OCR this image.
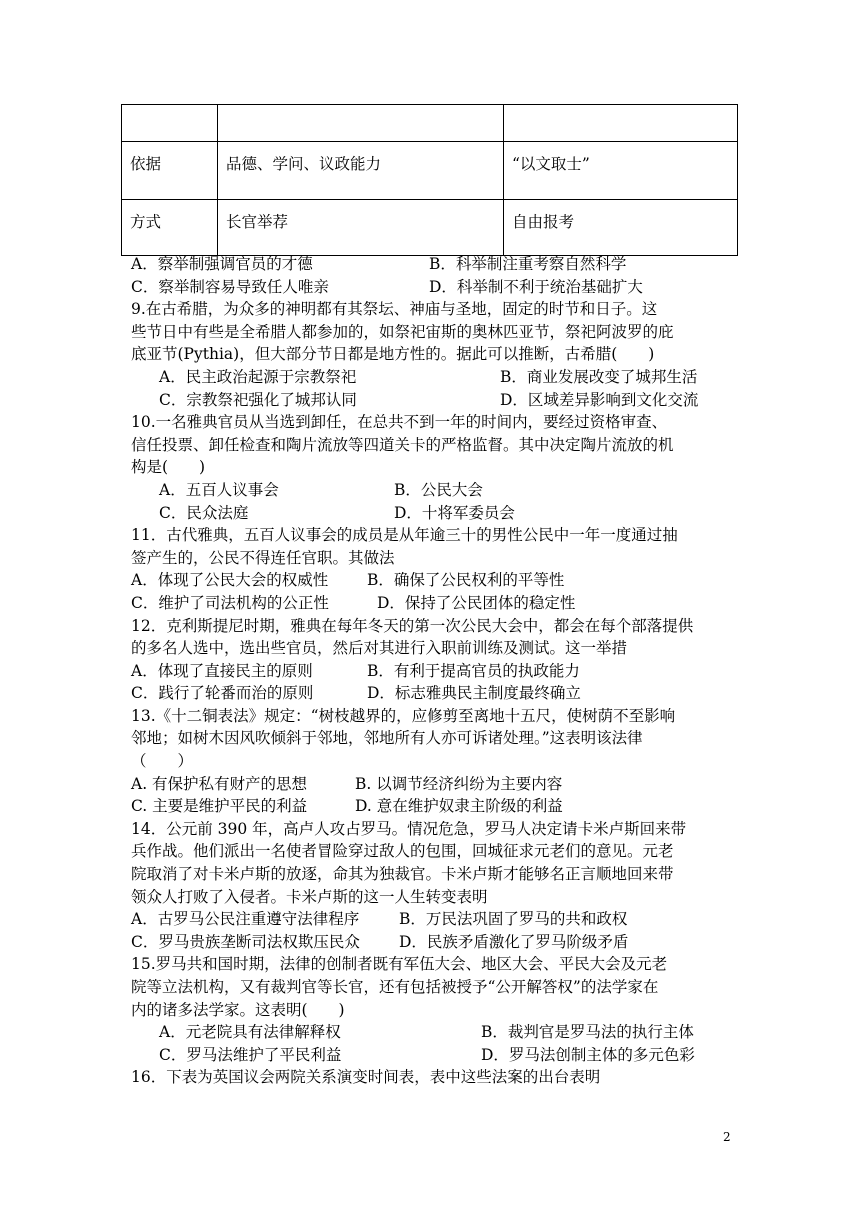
依据	品德、学问、议政能力	“以文取士”
方式	长官举荐	自由报考
A．察举制强调官员的才德	B．科举制注重考察自然科学
C．察举制容易导致任人唯亲	D．科举制不利于统治基础扩大
9.在古希腊，为众多的神明都有其祭坛、神庙与圣地，固定的时节和日子。这
些节日中有些是全希腊人都参加的，如祭祀宙斯的奥林匹亚节，祭祀阿波罗的庇
底亚节(Pythia)，但大部分节日都是地方性的。据此可以推断，古希腊(　　)
A．民主政治起源于宗教祭祀	B．商业发展改变了城邦生活
C．宗教祭祀强化了城邦认同	D．区域差异影响到文化交流
10.一名雅典官员从当选到卸任，在总共不到一年的时间内，要经过资格审查、
信任投票、卸任检查和陶片流放等四道关卡的严格监督。其中决定陶片流放的机
构是(　　)
A．五百人议事会	B．公民大会
C．民众法庭	D．十将军委员会
11．古代雅典，五百人议事会的成员是从年逾三十的男性公民中一年一度通过抽
签产生的，公民不得连任官职。其做法
A．体现了公民大会的权威性	B．确保了公民权利的平等性
C．维护了司法机构的公正性	D．保持了公民团体的稳定性
12．克利斯提尼时期，雅典在每年冬天的第一次公民大会中，都会在每个部落提供
的多名人选中，选出些官员，然后对其进行入职前训练及测试。这一举措
A．体现了直接民主的原则	B．有利于提高官员的执政能力
C．践行了轮番而治的原则	D．标志雅典民主制度最终确立
13.《十二铜表法》规定：“树枝越界的，应修剪至离地十五尺，使树荫不至影响
邻地；如树木因风吹倾斜于邻地，邻地所有人亦可诉诸处理。”这表明该法律
（　　）
A. 有保护私有财产的思想	B. 以调节经济纠纷为主要内容
C. 主要是维护平民的利益	D. 意在维护奴隶主阶级的利益
14．公元前 390 年，高卢人攻占罗马。情况危急，罗马人决定请卡米卢斯回来带
兵作战。他们派出一名使者冒险穿过敌人的包围，回城征求元老们的意见。元老
院取消了对卡米卢斯的放逐，命其为独裁官。卡米卢斯才能够名正言顺地回来带
领众人打败了入侵者。卡米卢斯的这一人生转变表明
A．古罗马公民注重遵守法律程序	B．万民法巩固了罗马的共和政权
C．罗马贵族垄断司法权欺压民众	D．民族矛盾激化了罗马阶级矛盾
15.罗马共和国时期，法律的创制者既有军伍大会、地区大会、平民大会及元老
院等立法机构，又有裁判官等长官，还有包括被授予“公开解答权”的法学家在
内的诸多法学家。这表明(　　)
A．元老院具有法律解释权	B．裁判官是罗马法的执行主体
C．罗马法维护了平民利益	D．罗马法创制主体的多元色彩
16．下表为英国议会两院关系演变时间表，表中这些法案的出台表明
2
